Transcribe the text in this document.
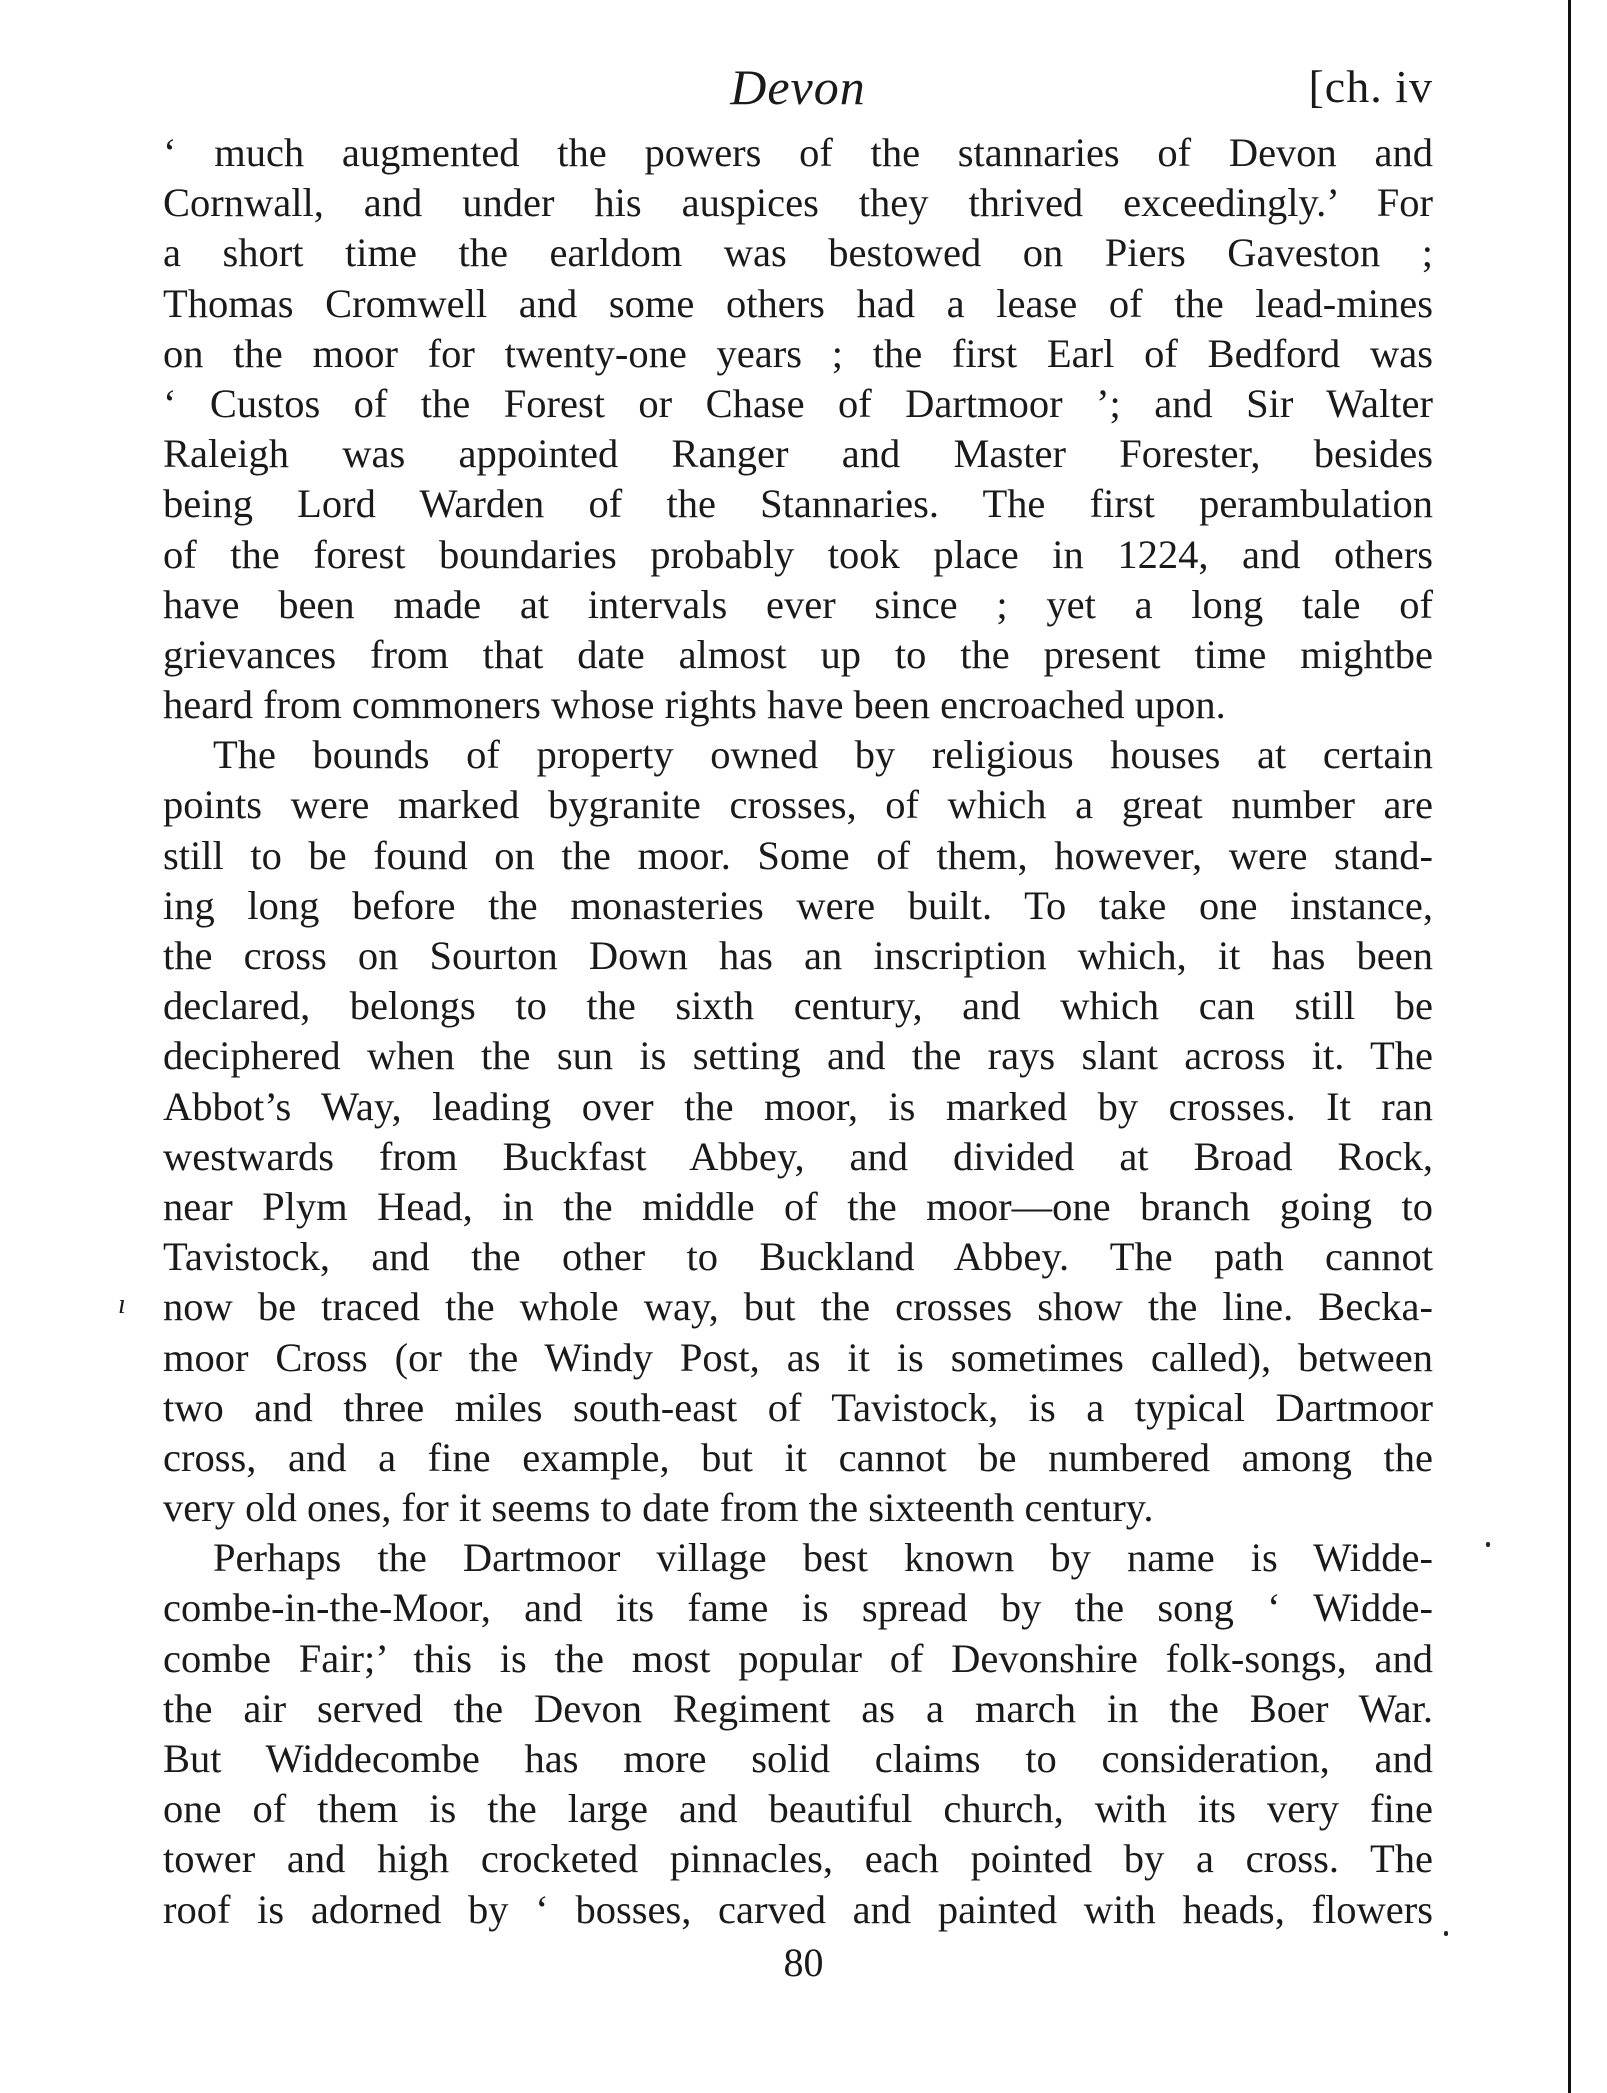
Devon	[ch. iv
‘ much augmented the powers of the stannaries of Devon and
Cornwall, and under his auspices they thrived exceedingly.’ For
a short time the earldom was bestowed on Piers Gaveston ;
Thomas Cromwell and some others had a lease of the lead-mines
on the moor for twenty-one years ; the first Earl of Bedford was
‘ Custos of the Forest or Chase of Dartmoor ’; and Sir Walter
Raleigh was appointed Ranger and Master Forester, besides
being Lord Warden of the Stannaries. The first perambulation
of the forest boundaries probably took place in 1224, and others
have been made at intervals ever since ; yet a long tale of
grievances from that date almost up to the present time mightbe
heard from commoners whose rights have been encroached upon.
The bounds of property owned by religious houses at certain
points were marked bygranite crosses, of which a great number are
still to be found on the moor. Some of them, however, were stand-
ing long before the monasteries were built. To take one instance,
the cross on Sourton Down has an inscription which, it has been
declared, belongs to the sixth century, and which can still be
deciphered when the sun is setting and the rays slant across it. The
Abbot’s Way, leading over the moor, is marked by crosses. It ran
westwards from Buckfast Abbey, and divided at Broad Rock,
near Plym Head, in the middle of the moor—one branch going to
Tavistock, and the other to Buckland Abbey. The path cannot
now be traced the whole way, but the crosses show the line. Becka-
moor Cross (or the Windy Post, as it is sometimes called), between
two and three miles south-east of Tavistock, is a typical Dartmoor
cross, and a fine example, but it cannot be numbered among the
very old ones, for it seems to date from the sixteenth century.
Perhaps the Dartmoor village best known by name is Widde-
combe-in-the-Moor, and its fame is spread by the song ‘ Widde-
combe Fair;’ this is the most popular of Devonshire folk-songs, and
the air served the Devon Regiment as a march in the Boer War.
But Widdecombe has more solid claims to consideration, and
one of them is the large and beautiful church, with its very fine
tower and high crocketed pinnacles, each pointed by a cross. The
roof is adorned by ‘ bosses, carved and painted with heads, flowers
ı
80
